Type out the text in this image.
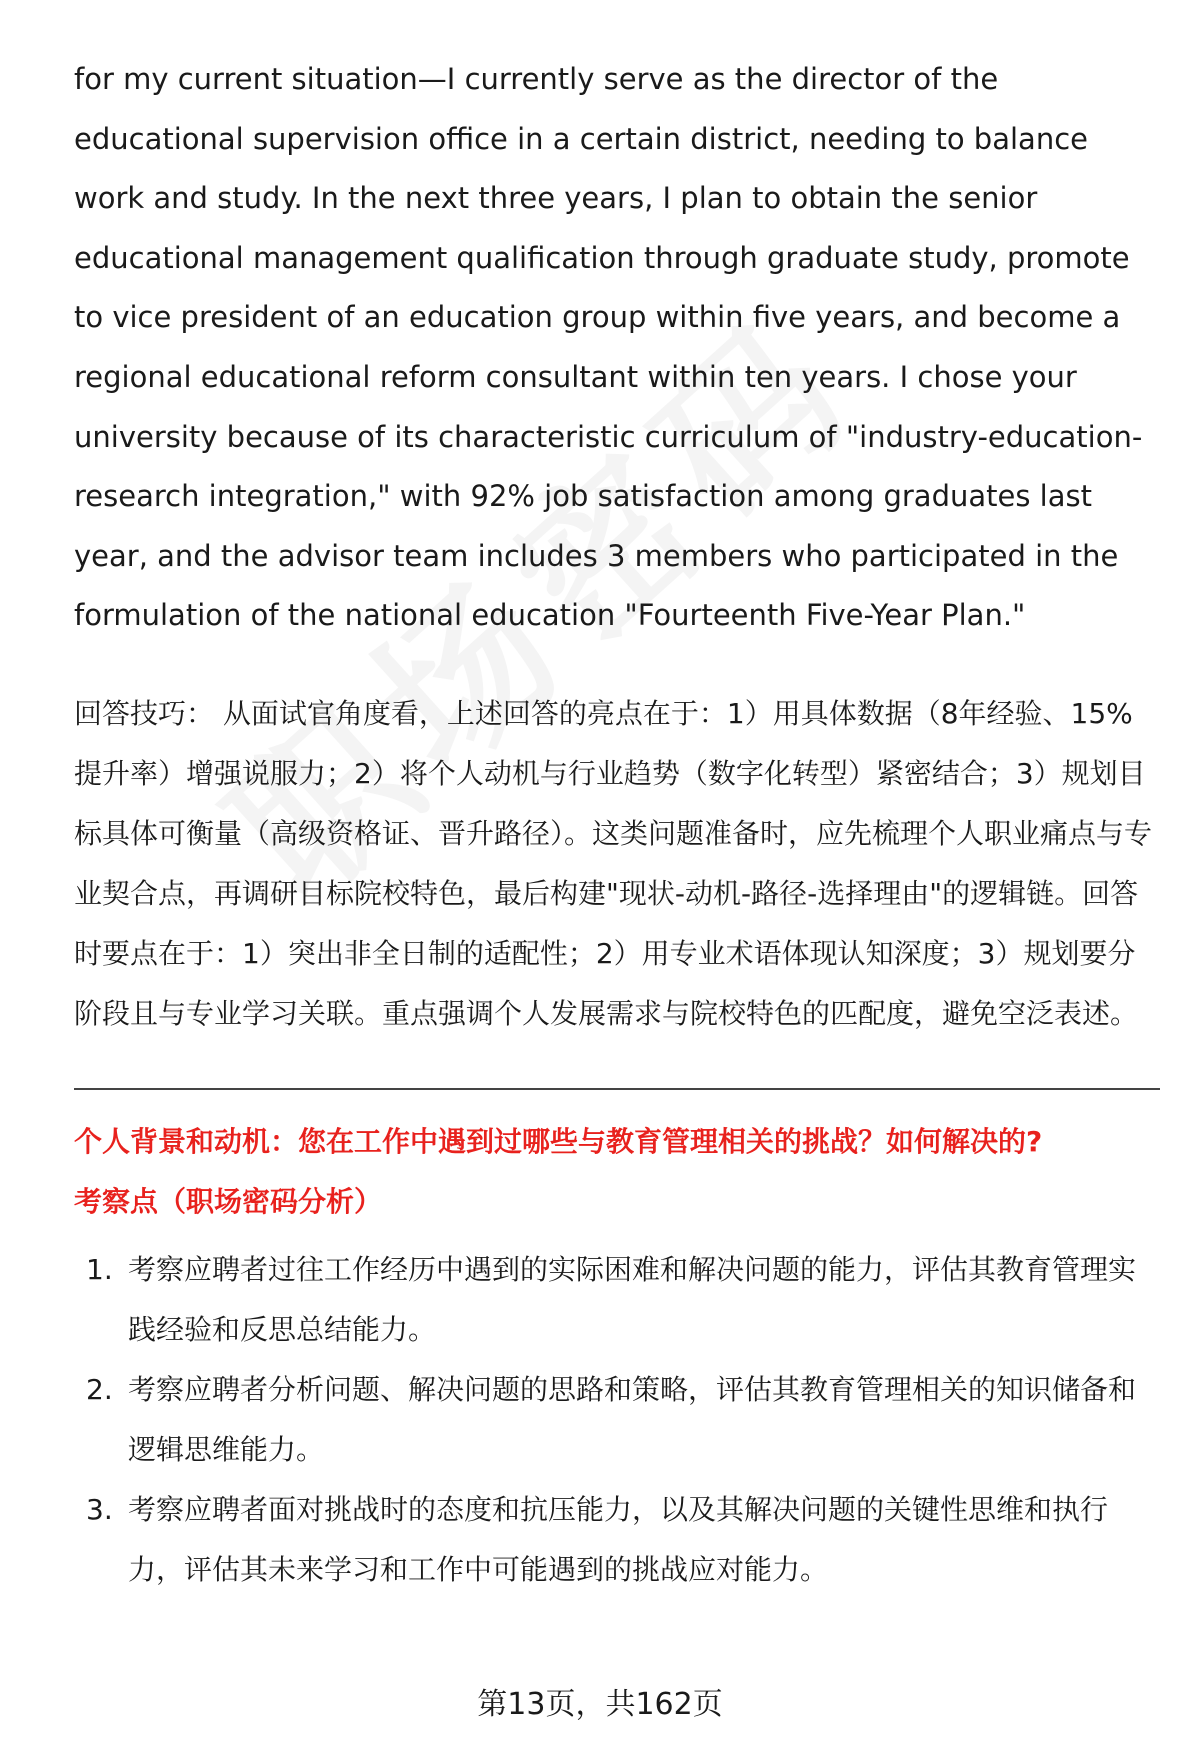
for my current situation—I currently serve as the director of the educational supervision office in a certain district, needing to balance work and study. In the next three years, I plan to obtain the senior educational management qualification through graduate study, promote to vice president of an education group within five years, and become a regional educational reform consultant within ten years. I chose your university because of its characteristic curriculum of "industry-education-research integration," with 92% job satisfaction among graduates last year, and the advisor team includes 3 members who participated in the formulation of the national education "Fourteenth Five-Year Plan."

回答技巧： 从面试官角度看，上述回答的亮点在于：1）用具体数据（8年经验、15%提升率）增强说服力；2）将个人动机与行业趋势（数字化转型）紧密结合；3）规划目标具体可衡量（高级资格证、晋升路径）。这类问题准备时，应先梳理个人职业痛点与专业契合点，再调研目标院校特色，最后构建"现状-动机-路径-选择理由"的逻辑链。回答时要点在于：1）突出非全日制的适配性；2）用专业术语体现认知深度；3）规划要分阶段且与专业学习关联。重点强调个人发展需求与院校特色的匹配度，避免空泛表述。

个人背景和动机：您在工作中遇到过哪些与教育管理相关的挑战？如何解决的?

考察点（职场密码分析）

1. 考察应聘者过往工作经历中遇到的实际困难和解决问题的能力，评估其教育管理实践经验和反思总结能力。
2. 考察应聘者分析问题、解决问题的思路和策略，评估其教育管理相关的知识储备和逻辑思维能力。
3. 考察应聘者面对挑战时的态度和抗压能力，以及其解决问题的关键性思维和执行力，评估其未来学习和工作中可能遇到的挑战应对能力。
第13页，共162页
